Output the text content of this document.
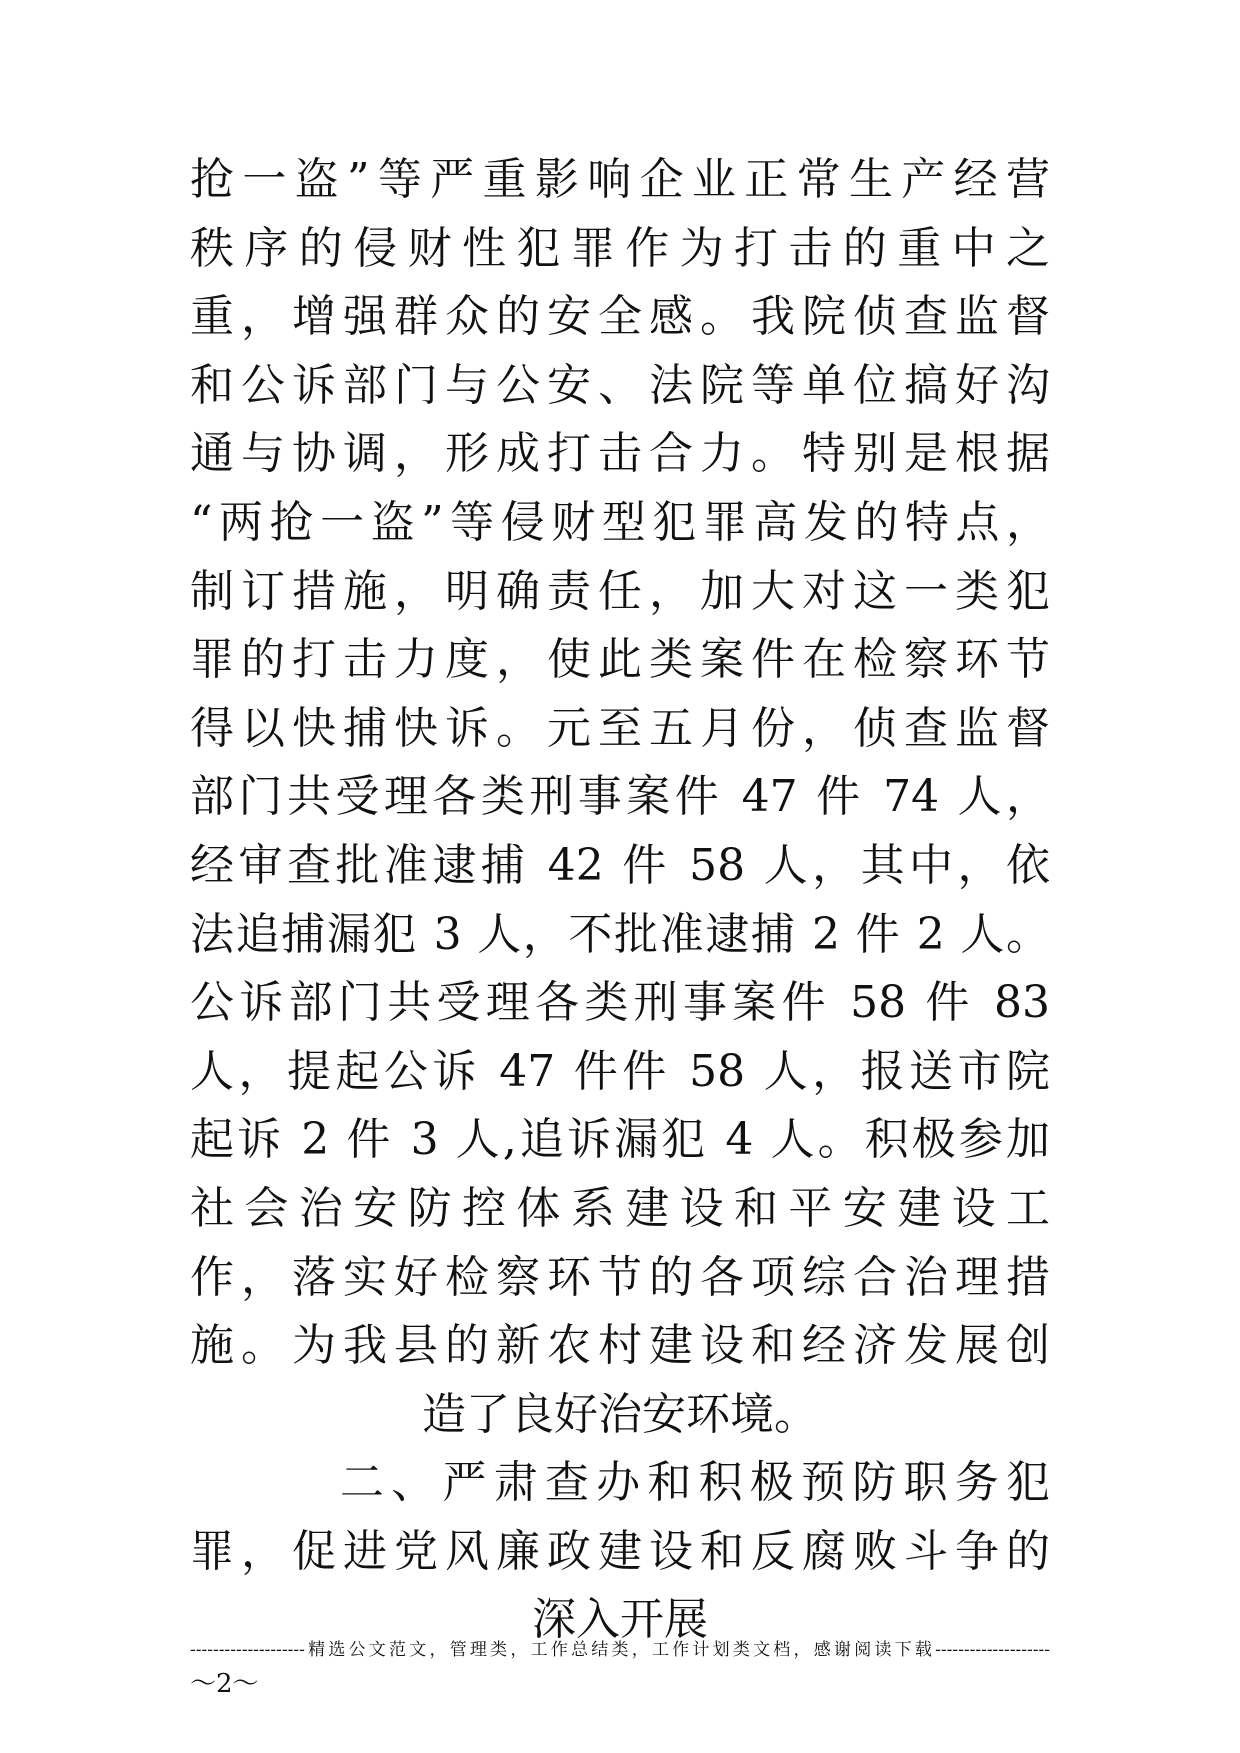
抢一盗”等严重影响企业正常生产经营
秩序的侵财性犯罪作为打击的重中之
重，增强群众的安全感。我院侦查监督
和公诉部门与公安、法院等单位搞好沟
通与协调，形成打击合力。特别是根据
“两抢一盗”等侵财型犯罪高发的特点，
制订措施，明确责任，加大对这一类犯
罪的打击力度，使此类案件在检察环节
得以快捕快诉。元至五月份，侦查监督
部门共受理各类刑事案件 47 件 74 人，
经审查批准逮捕 42 件 58 人，其中，依
法追捕漏犯 3 人，不批准逮捕 2 件 2 人。
公诉部门共受理各类刑事案件 58 件 83
人，提起公诉 47 件件 58 人，报送市院
起诉 2 件 3 人,追诉漏犯 4 人。积极参加
社会治安防控体系建设和平安建设工
作，落实好检察环节的各项综合治理措
施。为我县的新农村建设和经济发展创
造了良好治安环境。
二、严肃查办和积极预防职务犯
罪，促进党风廉政建设和反腐败斗争的
深入开展
--------------------精选公文范文，管理类，工作总结类，工作计划类文档，感谢阅读下载--------------------
～2～
